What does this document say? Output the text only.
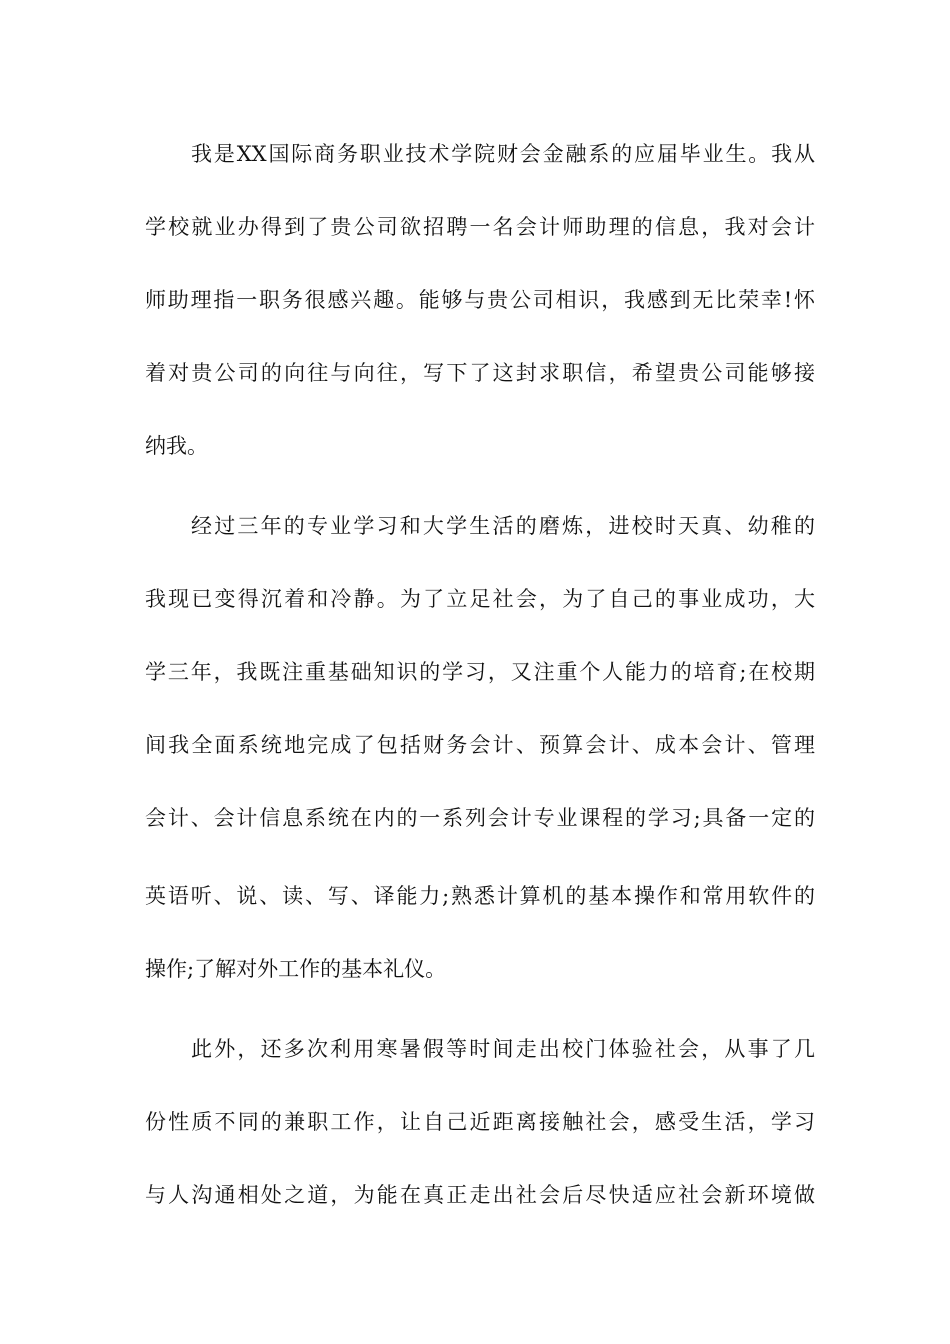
我是XX国际商务职业技术学院财会金融系的应届毕业生。我从
学校就业办得到了贵公司欲招聘一名会计师助理的信息，我对会计
师助理指一职务很感兴趣。能够与贵公司相识，我感到无比荣幸!怀
着对贵公司的向往与向往，写下了这封求职信，希望贵公司能够接
纳我。
经过三年的专业学习和大学生活的磨炼，进校时天真、幼稚的
我现已变得沉着和冷静。为了立足社会，为了自己的事业成功，大
学三年，我既注重基础知识的学习，又注重个人能力的培育;在校期
间我全面系统地完成了包括财务会计、预算会计、成本会计、管理
会计、会计信息系统在内的一系列会计专业课程的学习;具备一定的
英语听、说、读、写、译能力;熟悉计算机的基本操作和常用软件的
操作;了解对外工作的基本礼仪。
此外，还多次利用寒暑假等时间走出校门体验社会，从事了几
份性质不同的兼职工作，让自己近距离接触社会，感受生活，学习
与人沟通相处之道，为能在真正走出社会后尽快适应社会新环境做
